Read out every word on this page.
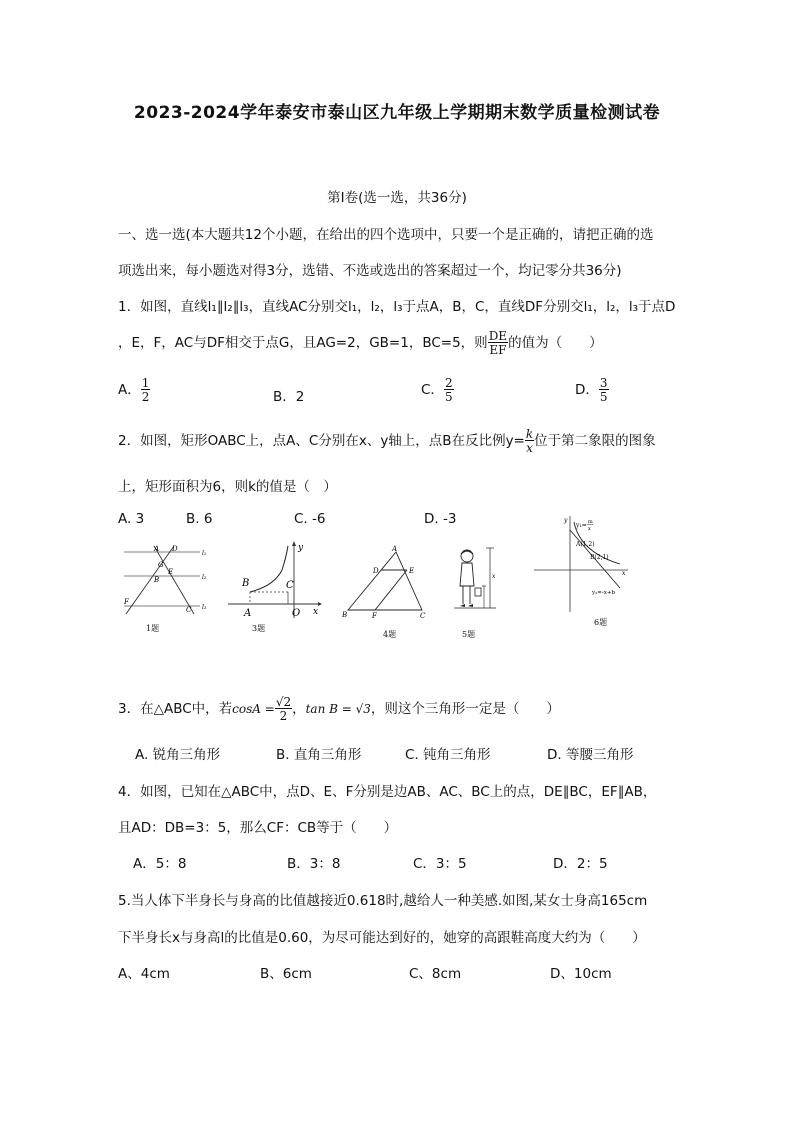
2023-2024学年泰安市泰山区九年级上学期期末数学质量检测试卷
第Ⅰ卷(选一选，共36分)
一、选一选(本大题共12个小题，在给出的四个选项中，只要一个是正确的，请把正确的选
项选出来，每小题选对得3分，选错、不选或选出的答案超过一个，均记零分共36分)
1．如图，直线l₁∥l₂∥l₃，直线AC分别交l₁，l₂，l₃于点A，B，C，直线DF分别交l₁，l₂，l₃于点D
，E，F，AC与DF相交于点G，且AG=2，GB=1，BC=5，则 $\frac{DE}{EF}$ 的值为（　　）
A． $\frac{1}{2}$	B．2	C． $\frac{2}{5}$	D． $\frac{3}{5}$
2．如图，矩形OABC上，点A、C分别在x、y轴上，点B在反比例$y= \frac{k}{x}$ 位于第二象限的图象
上，矩形面积为6，则k的值是（　）
A. 3	B. 6	C. -6	D. -3
A D
l₁
G
B
E
l₂
F
C l₃
1题
y
B	C
A	O x
3题
A
D	E
B	F	C
4题
x
5题
y
y₁= m
x
A(1,2)
B(2,1)
x
y₂=-x+b
6题
3．在△ABC中，若$\cos A = \frac{√2}{2}$ ，tan B = √3，则这个三角形一定是（　　）
A. 锐角三角形	B. 直角三角形	C. 钝角三角形	D. 等腰三角形
4．如图，已知在△ABC中，点D、E、F分别是边AB、AC、BC上的点，DE∥BC，EF∥AB，
且AD：DB=3：5，那么CF：CB等于（　　）
A．5：8	B．3：8	C．3：5	D．2：5
5.当人体下半身长与身高的比值越接近0.618时,越给人一种美感.如图,某女士身高165cm
下半身长x与身高l的比值是0.60，为尽可能达到好的，她穿的高跟鞋高度大约为（　　）
A、4cm	B、6cm	C、8cm	D、10cm
